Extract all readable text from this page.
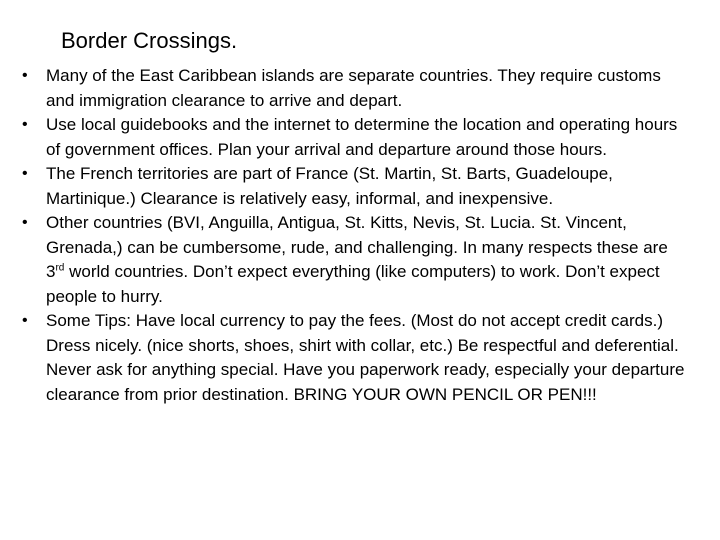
Border Crossings.
• Many of the East Caribbean islands are separate countries. They require customs and immigration clearance to arrive and depart.
• Use local guidebooks and the internet to determine the location and operating hours of government offices. Plan your arrival and departure around those hours.
• The French territories are part of France (St. Martin, St. Barts, Guadeloupe, Martinique.) Clearance is relatively easy, informal, and inexpensive.
• Other countries (BVI, Anguilla, Antigua, St. Kitts, Nevis, St. Lucia. St. Vincent, Grenada,) can be cumbersome, rude, and challenging. In many respects these are 3rd world countries. Don’t expect everything (like computers) to work. Don’t expect people to hurry.
• Some Tips: Have local currency to pay the fees. (Most do not accept credit cards.) Dress nicely. (nice shorts, shoes, shirt with collar, etc.) Be respectful and deferential. Never ask for anything special. Have you paperwork ready, especially your departure clearance from prior destination. BRING YOUR OWN PENCIL OR PEN!!!
